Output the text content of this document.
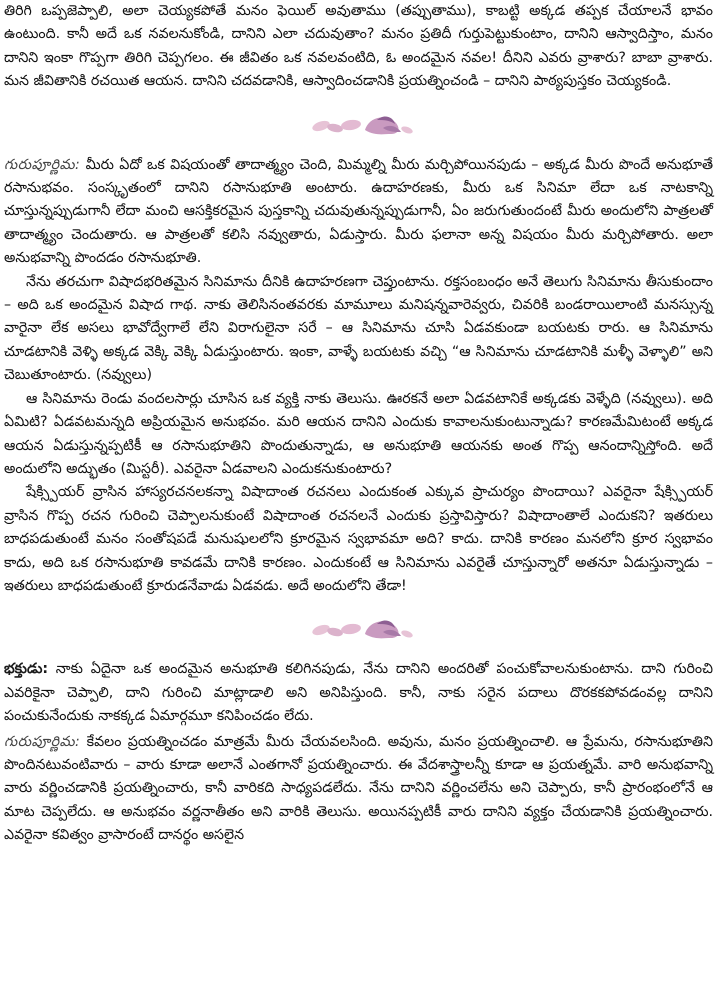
తిరిగి ఒప్పజెప్పాలి, అలా చెయ్యకపోతే మనం ఫెయిల్ అవుతాము (తప్పుతాము), కాబట్టి అక్కడ తప్పక చేయాలనే భావం ఉంటుంది. కానీ అదే ఒక నవలనుకోండి, దానిని ఎలా చదువుతాం? మనం ప్రతిదీ గుర్తుపెట్టుకుంటాం, దానిని ఆస్వాదిస్తాం, మనం దానిని ఇంకా గొప్పగా తిరిగి చెప్పగలం. ఈ జీవితం ఒక నవలవంటిది, ఓ అందమైన నవల! దీనిని ఎవరు వ్రాశారు? బాబా వ్రాశారు. మన జీవితానికి రచయిత ఆయన. దానిని చదవడానికి, ఆస్వాదించడానికి ప్రయత్నించండి – దానిని పాఠ్యపుస్తకం చెయ్యకండి.

గురుపూర్ణిమ: మీరు ఏదో ఒక విషయంతో తాదాత్మ్యం చెంది, మిమ్మల్ని మీరు మర్చిపోయినపుడు – అక్కడ మీరు పొందే అనుభూతే రసానుభవం. సంస్కృతంలో దానిని రసానుభూతి అంటారు. ఉదాహరణకు, మీరు ఒక సినిమా లేదా ఒక నాటకాన్ని చూస్తున్నప్పుడుగానీ లేదా మంచి ఆసక్తికరమైన పుస్తకాన్ని చదువుతున్నప్పుడుగానీ, ఏం జరుగుతుందంటే మీరు అందులోని పాత్రలతో తాదాత్మ్యం చెందుతారు. ఆ పాత్రలతో కలిసి నవ్వుతారు, ఏడుస్తారు. మీరు ఫలానా అన్న విషయం మీరు మర్చిపోతారు. అలా అనుభవాన్ని పొందడం రసానుభూతి.

నేను తరచుగా విషాదభరితమైన సినిమాను దీనికి ఉదాహరణగా చెప్తుంటాను. రక్తసంబంధం అనే తెలుగు సినిమాను తీసుకుందాం – అది ఒక అందమైన విషాద గాథ. నాకు తెలిసినంతవరకు మామూలు మనిషన్నవారెవ్వరు, చివరికి బండరాయిలాంటి మనస్సున్న వారైనా లేక అసలు భావోద్వేగాలే లేని విరాగులైనా సరే – ఆ సినిమాను చూసి ఏడవకుండా బయటకు రారు. ఆ సినిమాను చూడటానికి వెళ్ళి అక్కడ వెక్కి వెక్కి ఏడుస్తుంటారు. ఇంకా, వాళ్ళే బయటకు వచ్చి “ఆ సినిమాను చూడటానికి మళ్ళీ వెళ్ళాలి” అని చెబుతూంటారు. (నవ్వులు)

ఆ సినిమాను రెండు వందలసార్లు చూసిన ఒక వ్యక్తి నాకు తెలుసు. ఊరకనే అలా ఏడవటానికే అక్కడకు వెళ్ళేది (నవ్వులు). అది ఏమిటి? ఏడవటమన్నది అప్రియమైన అనుభవం. మరి ఆయన దానిని ఎందుకు కావాలనుకుంటున్నాడు? కారణమేమిటంటే అక్కడ ఆయన ఏడుస్తున్నప్పటికీ ఆ రసానుభూతిని పొందుతున్నాడు, ఆ అనుభూతి ఆయనకు అంత గొప్ప ఆనందాన్నిస్తోంది. అదే అందులోని అద్భుతం (మిస్టరీ). ఎవరైనా ఏడవాలని ఎందుకనుకుంటారు?

షేక్స్పియర్ వ్రాసిన హాస్యరచనలకన్నా విషాదాంత రచనలు ఎందుకంత ఎక్కువ ప్రాచుర్యం పొందాయి? ఎవరైనా షేక్స్పియర్ వ్రాసిన గొప్ప రచన గురించి చెప్పాలనుకుంటే విషాదాంత రచనలనే ఎందుకు ప్రస్తావిస్తారు? విషాదాంతాలే ఎందుకని? ఇతరులు బాధపడుతుంటే మనం సంతోషపడే మనుషులలోని క్రూరమైన స్వభావమా అది? కాదు. దానికి కారణం మనలోని క్రూర స్వభావం కాదు, అది ఒక రసానుభూతి కావడమే దానికి కారణం. ఎందుకంటే ఆ సినిమాను ఎవరైతే చూస్తున్నారో అతనూ ఏడుస్తున్నాడు – ఇతరులు బాధపడుతుంటే క్రూరుడనేవాడు ఏడవడు. అదే అందులోని తేడా!

భక్తుడు: నాకు ఏదైనా ఒక అందమైన అనుభూతి కలిగినపుడు, నేను దానిని అందరితో పంచుకోవాలనుకుంటాను. దాని గురించి ఎవరికైనా చెప్పాలి, దాని గురించి మాట్లాడాలి అని అనిపిస్తుంది. కానీ, నాకు సరైన పదాలు దొరకకపోవడంవల్ల దానిని పంచుకునేందుకు నాకక్కడ ఏమార్గమూ కనిపించడం లేదు.

గురుపూర్ణిమ: కేవలం ప్రయత్నించడం మాత్రమే మీరు చేయవలసింది. అవును, మనం ప్రయత్నించాలి. ఆ ప్రేమను, రసానుభూతిని పొందినటువంటివారు – వారు కూడా అలానే ఎంతగానో ప్రయత్నించారు. ఈ వేదశాస్త్రాలన్నీ కూడా ఆ ప్రయత్నమే. వారి అనుభవాన్ని వారు వర్ణించడానికి ప్రయత్నించారు, కానీ వారికది సాధ్యపడలేదు. నేను దానిని వర్ణించలేను అని చెప్పారు, కానీ ప్రారంభంలోనే ఆ మాట చెప్పలేదు. ఆ అనుభవం వర్ణనాతీతం అని వారికి తెలుసు. అయినప్పటికీ వారు దానిని వ్యక్తం చేయడానికి ప్రయత్నించారు. ఎవరైనా కవిత్వం వ్రాసారంటే దానర్థం అసలైన
